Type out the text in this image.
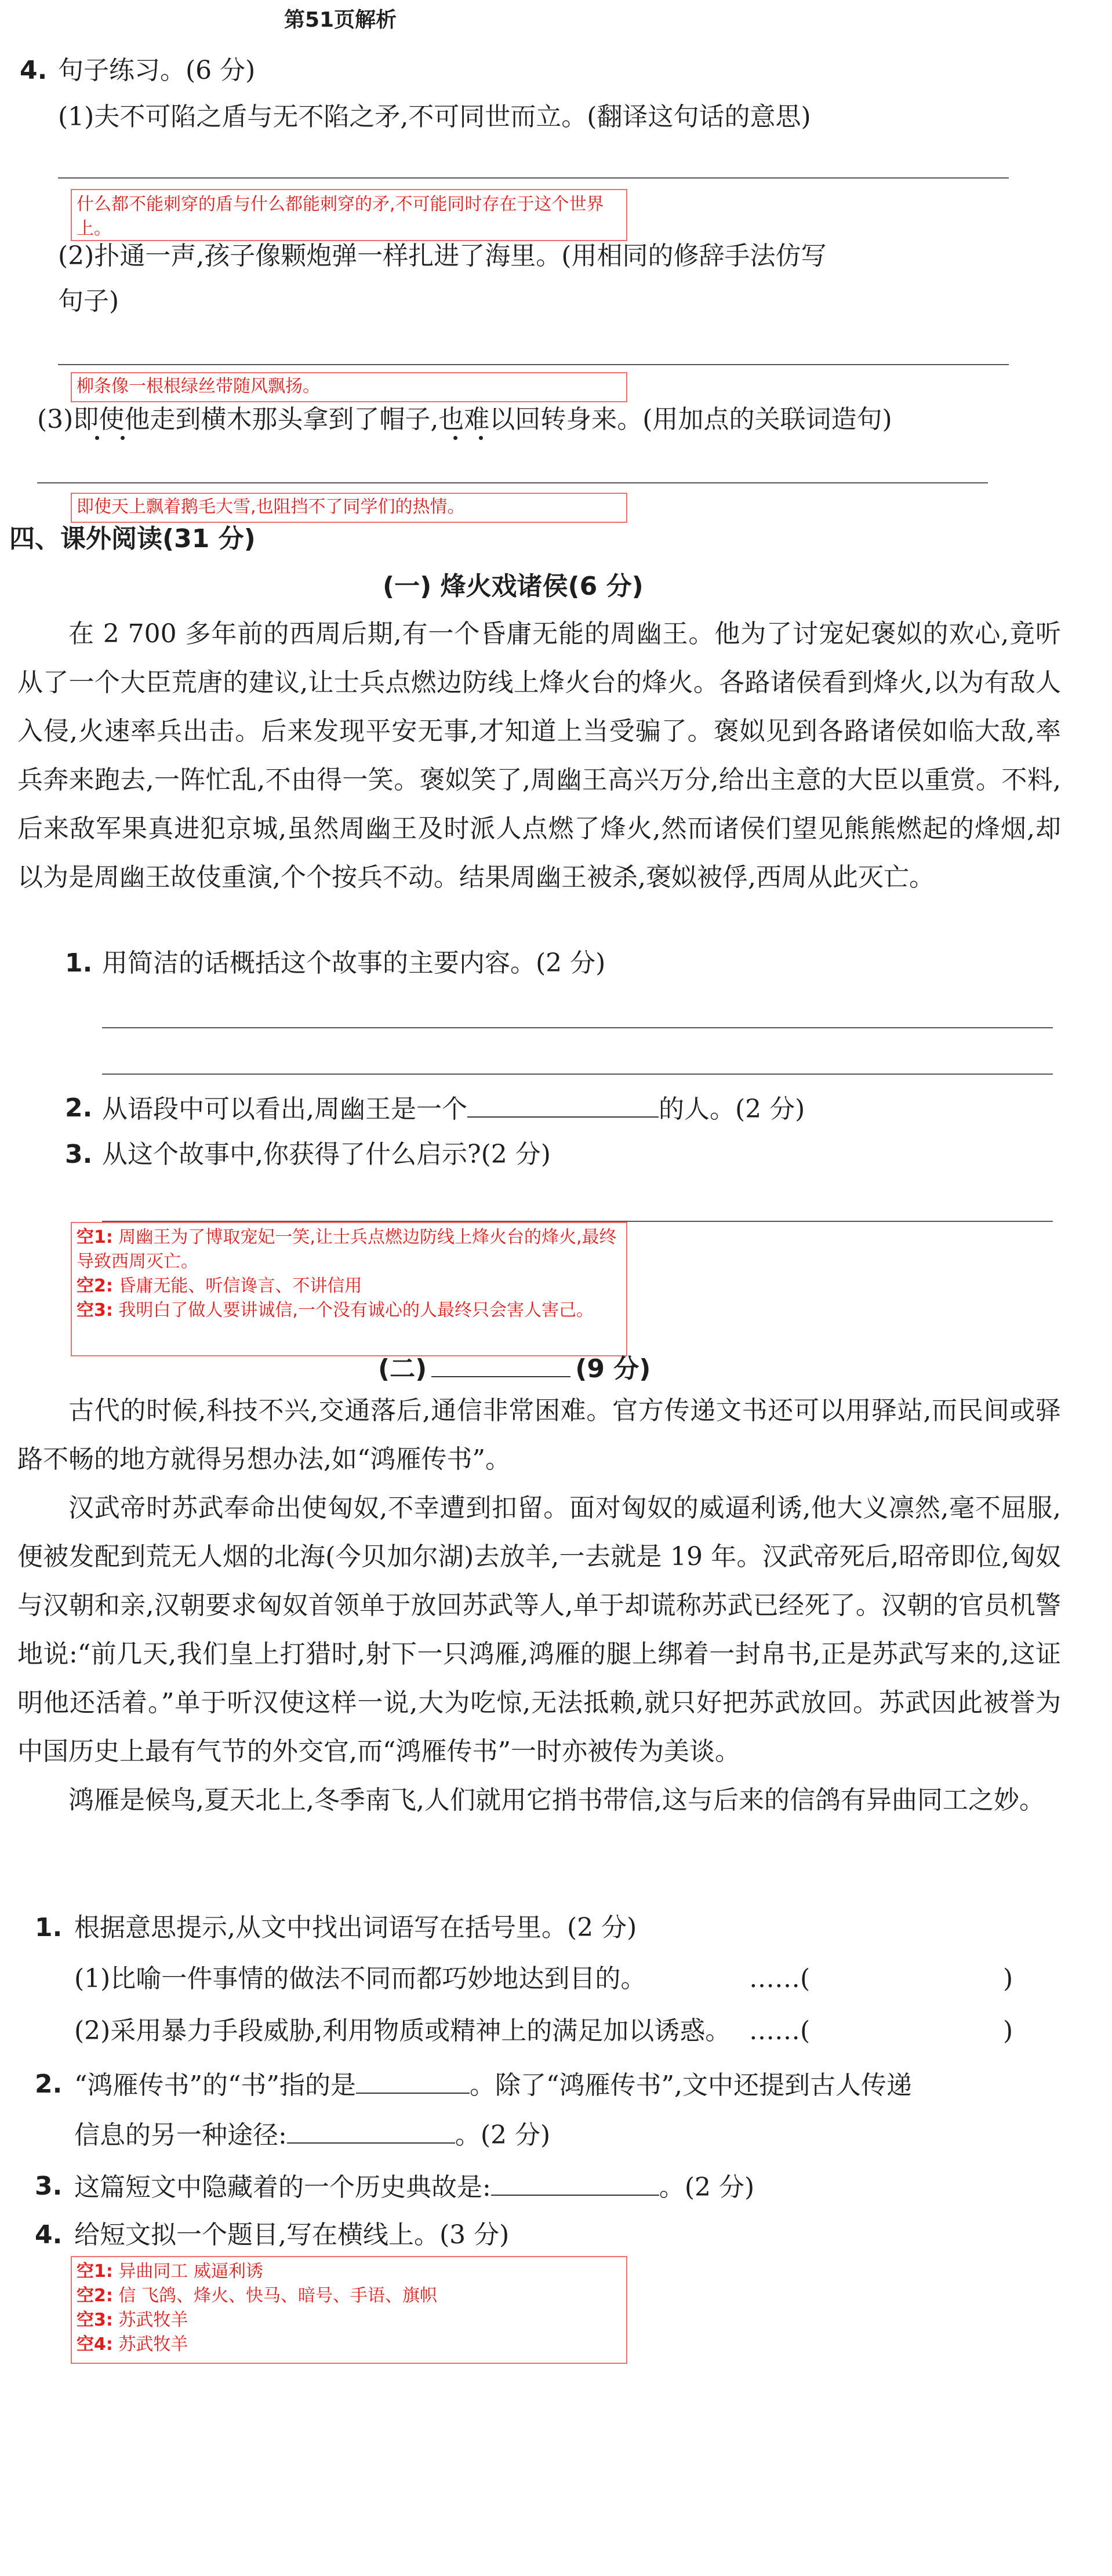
第51页解析
4. 句子练习。(6 分)
(1)夫不可陷之盾与无不陷之矛,不可同世而立。(翻译这句话的意思)
什么都不能刺穿的盾与什么都能刺穿的矛,不可能同时存在于这个世界上。
(2)扑通一声,孩子像颗炮弹一样扎进了海里。(用相同的修辞手法仿写
句子)
柳条像一根根绿丝带随风飘扬。
(3)即使他走到横木那头拿到了帽子,也难以回转身来。(用加点的关联词造句)
即使天上飘着鹅毛大雪,也阻挡不了同学们的热情。
四、课外阅读(31 分)
(一) 烽火戏诸侯(6 分)

在 2 700 多年前的西周后期,有一个昏庸无能的周幽王。他为了讨宠妃褒姒的欢心,竟听从了一个大臣荒唐的建议,让士兵点燃边防线上烽火台的烽火。各路诸侯看到烽火,以为有敌人入侵,火速率兵出击。后来发现平安无事,才知道上当受骗了。褒姒见到各路诸侯如临大敌,率兵奔来跑去,一阵忙乱,不由得一笑。褒姒笑了,周幽王高兴万分,给出主意的大臣以重赏。不料,后来敌军果真进犯京城,虽然周幽王及时派人点燃了烽火,然而诸侯们望见熊熊燃起的烽烟,却以为是周幽王故伎重演,个个按兵不动。结果周幽王被杀,褒姒被俘,西周从此灭亡。

1. 用简洁的话概括这个故事的主要内容。(2 分)
2. 从语段中可以看出,周幽王是一个	的人。(2 分)
3. 从这个故事中,你获得了什么启示?(2 分)
空1: 周幽王为了博取宠妃一笑,让士兵点燃边防线上烽火台的烽火,最终导致西周灭亡。
空2: 昏庸无能、听信谗言、不讲信用
空3: 我明白了做人要讲诚信,一个没有诚心的人最终只会害人害己。
(二)	(9 分)

古代的时候,科技不兴,交通落后,通信非常困难。官方传递文书还可以用驿站,而民间或驿路不畅的地方就得另想办法,如“鸿雁传书”。

汉武帝时苏武奉命出使匈奴,不幸遭到扣留。面对匈奴的威逼利诱,他大义凛然,毫不屈服,便被发配到荒无人烟的北海(今贝加尔湖)去放羊,一去就是 19 年。汉武帝死后,昭帝即位,匈奴与汉朝和亲,汉朝要求匈奴首领单于放回苏武等人,单于却谎称苏武已经死了。汉朝的官员机警地说:“前几天,我们皇上打猎时,射下一只鸿雁,鸿雁的腿上绑着一封帛书,正是苏武写来的,这证明他还活着。”单于听汉使这样一说,大为吃惊,无法抵赖,就只好把苏武放回。苏武因此被誉为中国历史上最有气节的外交官,而“鸿雁传书”一时亦被传为美谈。

鸿雁是候鸟,夏天北上,冬季南飞,人们就用它捎书带信,这与后来的信鸽有异曲同工之妙。

1. 根据意思提示,从文中找出词语写在括号里。(2 分)
(1)比喻一件事情的做法不同而都巧妙地达到目的。	……(	)
(2)采用暴力手段威胁,利用物质或精神上的满足加以诱惑。 ……(	)
2. “鸿雁传书”的“书”指的是	。除了“鸿雁传书”,文中还提到古人传递
信息的另一种途径:	。(2 分)
3. 这篇短文中隐藏着的一个历史典故是:	。(2 分)
4. 给短文拟一个题目,写在横线上。(3 分)
空1: 异曲同工 威逼利诱
空2: 信 飞鸽、烽火、快马、暗号、手语、旗帜
空3: 苏武牧羊
空4: 苏武牧羊
